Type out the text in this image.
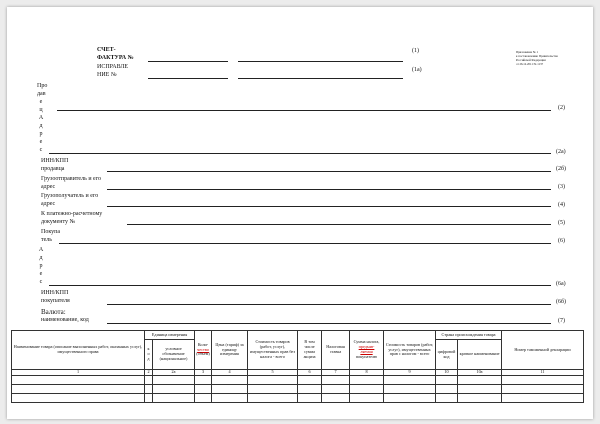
Приложение № 1
к постановлению Правительства
Российской Федерации
от 26.12.2011 № 1137
СЧЕТ-
ФАКТУРА №
(1)
ИСПРАВЛЕ
НИЕ №
(1а)
Про
дав
е
ц
А
д
р
е
с
(2)
(2а)
ИНН/КПП
продавца	(2б)
Грузоотправитель и его
адрес	(3)
Грузополучатель и его
адрес	(4)
К платежно-расчетному
документу №	(5)
Покупа
тель	(6)
А
д
р
е
с	(6а)
ИНН/КПП
покупателя	(6б)
Валюта:
наименование, код	(7)
Наименование товара (описание выполненных работ, оказанных услуг), имущественного права	Единица измерения		Коли-
чество
(объем)	Цена (тариф) за единицу измерения	Стоимость товаров (работ, услуг), имущественных прав без налога - всего	В том числе сумма акциза	Налоговая ставка	Сумма налога,
предъяв-
ляемая
покупателю	Стоимость товаров (работ, услуг), имущественных прав с налогом - всего	Страна происхождения товара		Номер таможенной декларации
	к о д	условное обозначение (национальное)								цифровой код	краткое наименование	
1	2	2а	3	4	5	6	7	8	9	10	10а	11
